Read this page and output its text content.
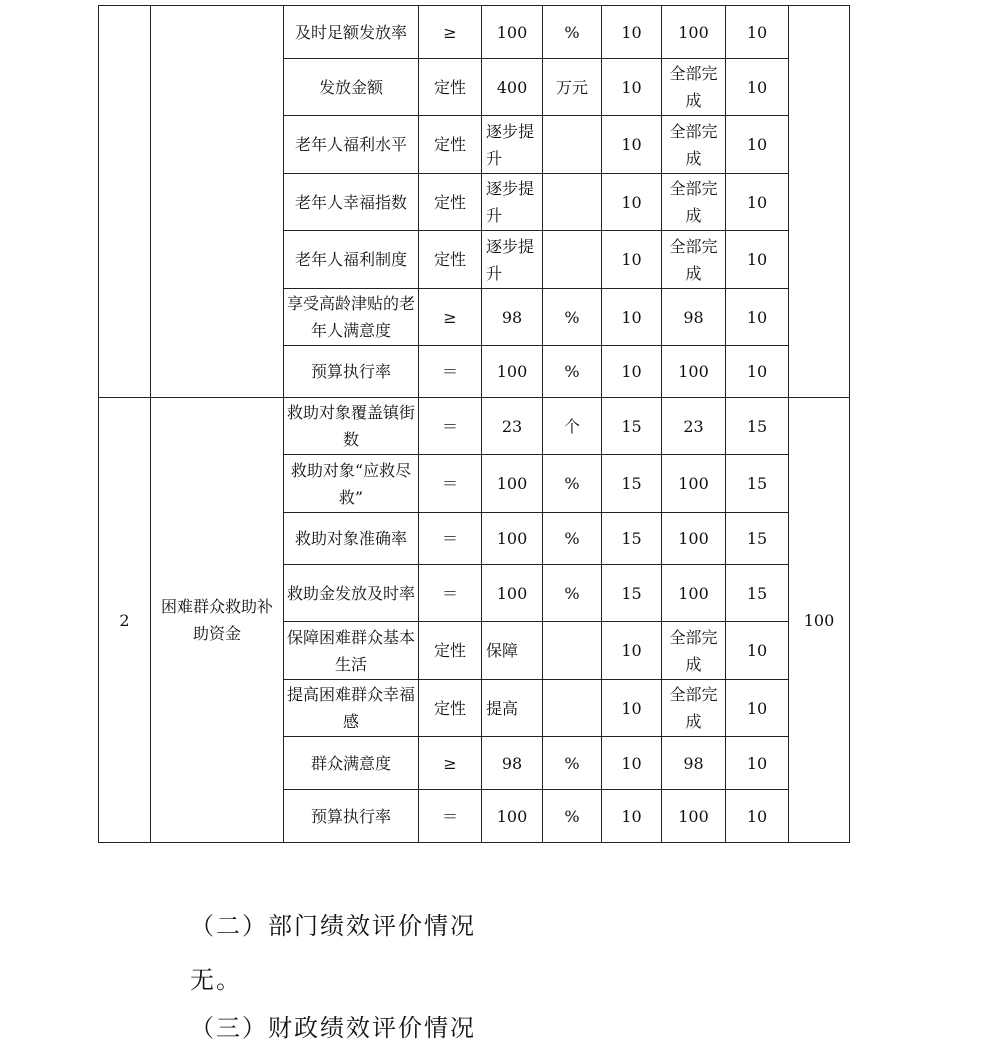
		及时足额发放率	≥	100	%	10	100	10	
		发放金额	定性	400	万元	10	全部完成	10	
		老年人福利水平	定性	逐步提升		10	全部完成	10	
		老年人幸福指数	定性	逐步提升		10	全部完成	10	
		老年人福利制度	定性	逐步提升		10	全部完成	10	
		享受高龄津贴的老年人满意度	≥	98	%	10	98	10	
		预算执行率	＝	100	%	10	100	10	
2	困难群众救助补助资金	救助对象覆盖镇街数	＝	23	个	15	23	15	100
		救助对象“应救尽救”	＝	100	%	15	100	15	
		救助对象准确率	＝	100	%	15	100	15	
		救助金发放及时率	＝	100	%	15	100	15	
		保障困难群众基本生活	定性	保障		10	全部完成	10	
		提高困难群众幸福感	定性	提高		10	全部完成	10	
		群众满意度	≥	98	%	10	98	10	
		预算执行率	＝	100	%	10	100	10	
（二）部门绩效评价情况
无。
（三）财政绩效评价情况
